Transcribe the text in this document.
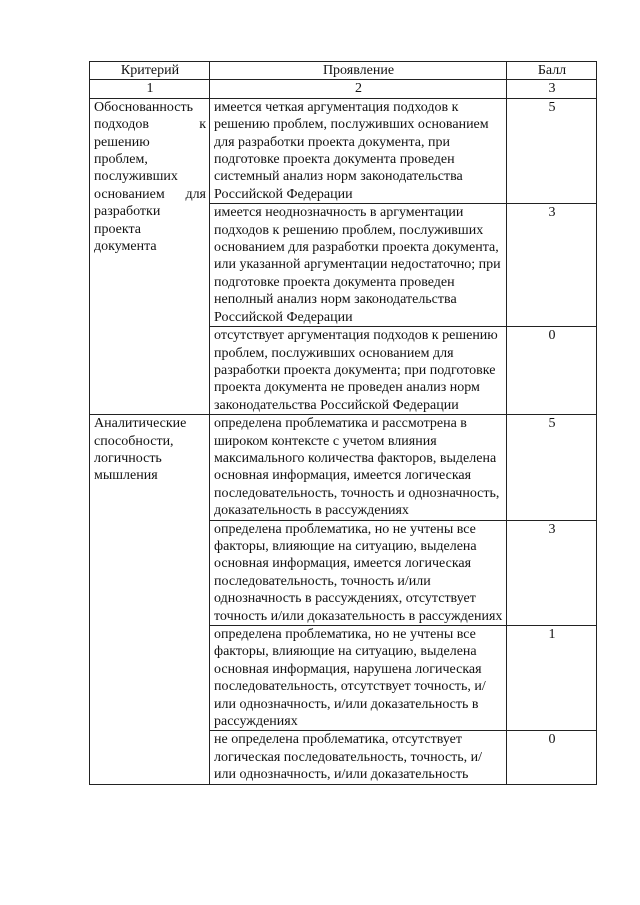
Критерий	Проявление	Балл
1	2	3
Обоснованность подходов к решению проблем, послуживших основанием для разработки проекта документа	имеется четкая аргументация подходов к решению проблем, послуживших основанием для разработки проекта документа, при подготовке проекта документа проведен системный анализ норм законодательства Российской Федерации	5
	имеется неоднозначность в аргументации подходов к решению проблем, послуживших основанием для разработки проекта документа, или указанной аргументации недостаточно; при подготовке проекта документа проведен неполный анализ норм законодательства Российской Федерации	3
	отсутствует аргументация подходов к решению проблем, послуживших основанием для разработки проекта документа; при подготовке проекта документа не проведен анализ норм законодательства Российской Федерации	0
Аналитические способности, логичность мышления	определена проблематика и рассмотрена в широком контексте с учетом влияния максимального количества факторов, выделена основная информация, имеется логическая последовательность, точность и однозначность, доказательность в рассуждениях	5
	определена проблематика, но не учтены все факторы, влияющие на ситуацию, выделена основная информация, имеется логическая последовательность, точность и/или однозначность в рассуждениях, отсутствует точность и/или доказательность в рассуждениях	3
	определена проблематика, но не учтены все факторы, влияющие на ситуацию, выделена основная информация, нарушена логическая последовательность, отсутствует точность, и/или однозначность, и/или доказательность в рассуждениях	1

	не определена проблематика, отсутствует логическая последовательность, точность, и/или однозначность, и/или доказательность	0
